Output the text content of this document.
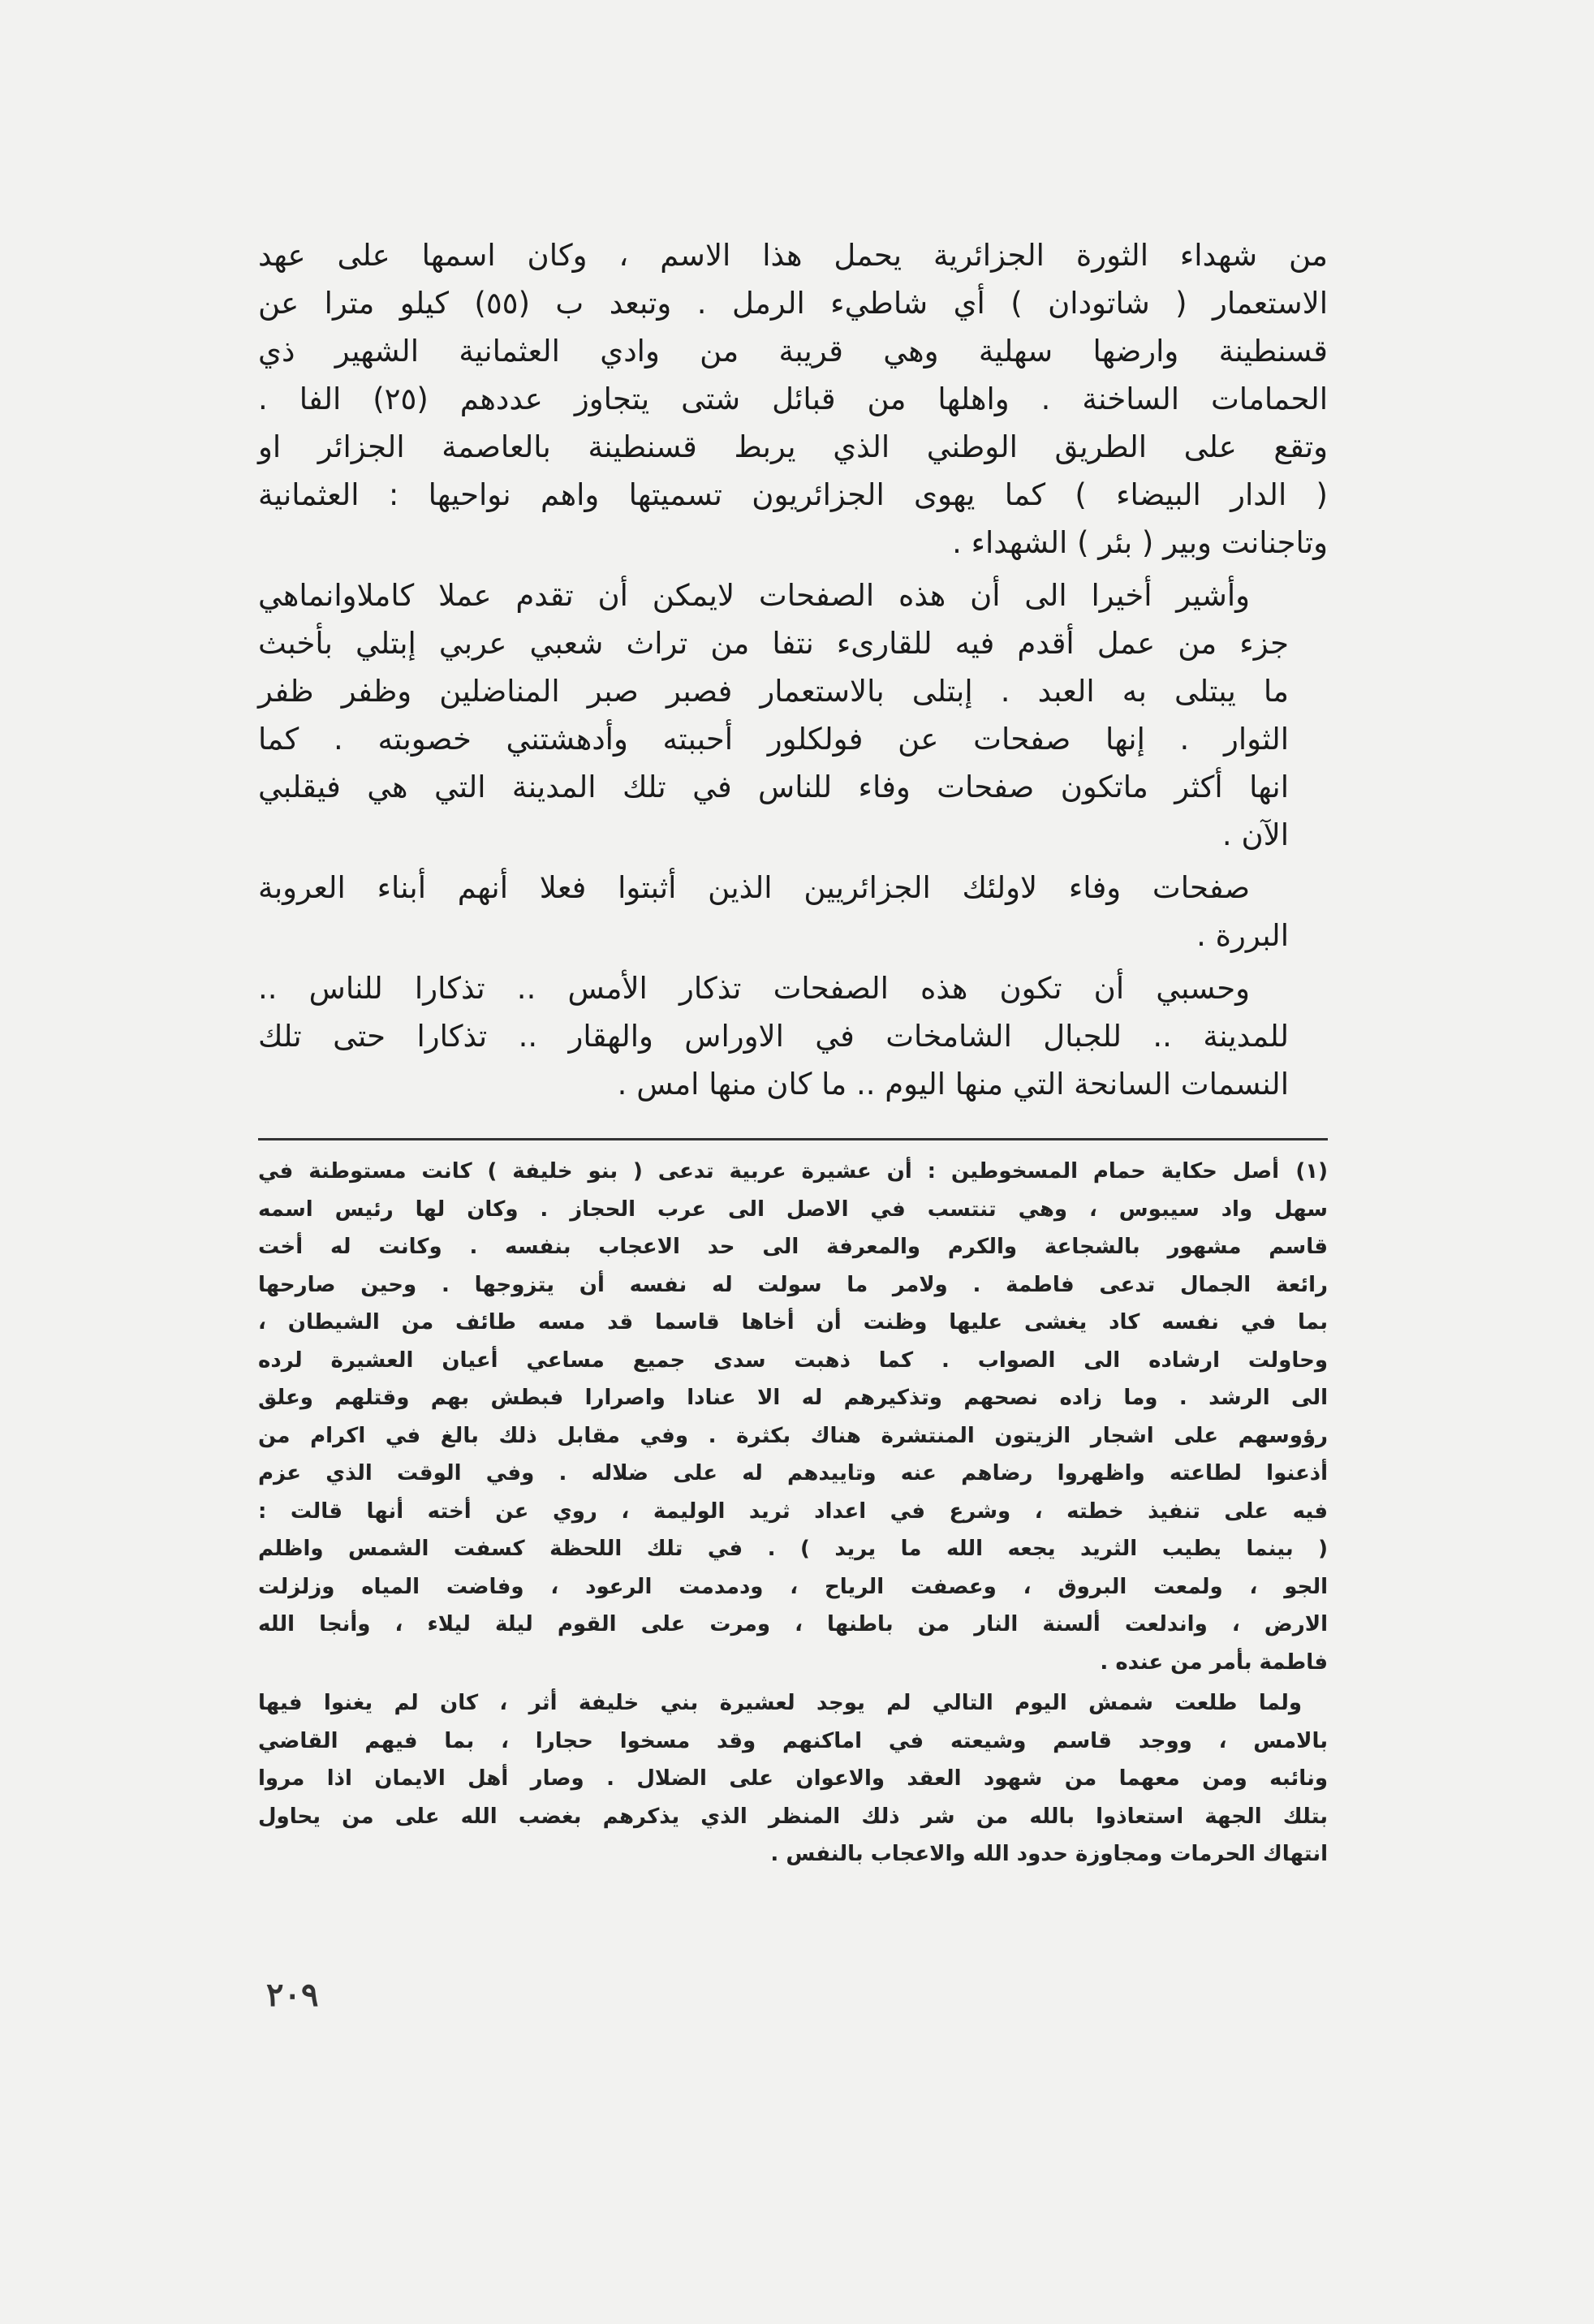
من شهداء الثورة الجزائرية يحمل هذا الاسم ، وكان اسمها على عهد
الاستعمار ( شاتودان ) أي شاطيء الرمل . وتبعد ب (٥٥) كيلو مترا عن
قسنطينة وارضها سهلية وهي قريبة من وادي العثمانية الشهير ذي
الحمامات الساخنة . واهلها من قبائل شتى يتجاوز عددهم (٢٥) الفا .
وتقع على الطريق الوطني الذي يربط قسنطينة بالعاصمة الجزائر او
( الدار البيضاء ) كما يهوى الجزائريون تسميتها واهم نواحيها : العثمانية
وتاجنانت وبير ( بئر ) الشهداء .

وأشير أخيرا الى أن هذه الصفحات لايمكن أن تقدم عملا كاملاوانماهي
جزء من عمل أقدم فيه للقارىء نتفا من تراث شعبي عربي إبتلي بأخبث
ما يبتلى به العبد . إبتلى بالاستعمار فصبر صبر المناضلين وظفر ظفر
الثوار . إنها صفحات عن فولكلور أحببته وأدهشتني خصوبته . كما
انها أكثر ماتكون صفحات وفاء للناس في تلك المدينة التي هي فيقلبي
الآن .

صفحات وفاء لاولئك الجزائريين الذين أثبتوا فعلا أنهم أبناء العروبة
البررة .

وحسبي أن تكون هذه الصفحات تذكار الأمس .. تذكارا للناس ..
للمدينة .. للجبال الشامخات في الاوراس والهقار .. تذكارا حتى تلك
النسمات السانحة التي منها اليوم .. ما كان منها امس .

(١)
أصل حكاية حمام المسخوطين : أن عشيرة عربية تدعى ( بنو خليفة ) كانت مستوطنة في
سهل واد سيبوس ، وهي تنتسب في الاصل الى عرب الحجاز . وكان لها رئيس اسمه
قاسم مشهور بالشجاعة والكرم والمعرفة الى حد الاعجاب بنفسه . وكانت له أخت
رائعة الجمال تدعى فاطمة . ولامر ما سولت له نفسه أن يتزوجها . وحين صارحها
بما في نفسه كاد يغشى عليها وظنت أن أخاها قاسما قد مسه طائف من الشيطان ،
وحاولت ارشاده الى الصواب . كما ذهبت سدى جميع مساعي أعيان العشيرة لرده
الى الرشد . وما زاده نصحهم وتذكيرهم له الا عنادا واصرارا فبطش بهم وقتلهم وعلق
رؤوسهم على اشجار الزيتون المنتشرة هناك بكثرة . وفي مقابل ذلك بالغ في اكرام من
أذعنوا لطاعته واظهروا رضاهم عنه وتاييدهم له على ضلاله . وفي الوقت الذي عزم
فيه على تنفيذ خطته ، وشرع في اعداد ثريد الوليمة ، روي عن أخته أنها قالت :
( بينما يطيب الثريد يجعه الله ما يريد ) . في تلك اللحظة كسفت الشمس واظلم
الجو ، ولمعت البروق ، وعصفت الرياح ، ودمدمت الرعود ، وفاضت المياه وزلزلت
الارض ، واندلعت ألسنة النار من باطنها ، ومرت على القوم ليلة ليلاء ، وأنجا الله
فاطمة بأمر من عنده .

ولما طلعت شمش اليوم التالي لم يوجد لعشيرة بني خليفة أثر ، كان لم يغنوا فيها
بالامس ، ووجد قاسم وشيعته في اماكنهم وقد مسخوا حجارا ، بما فيهم القاضي
ونائبه ومن معهما من شهود العقد والاعوان على الضلال . وصار أهل الايمان اذا مروا
بتلك الجهة استعاذوا بالله من شر ذلك المنظر الذي يذكرهم بغضب الله على من يحاول
انتهاك الحرمات ومجاوزة حدود الله والاعجاب بالنفس .

٢٠٩
